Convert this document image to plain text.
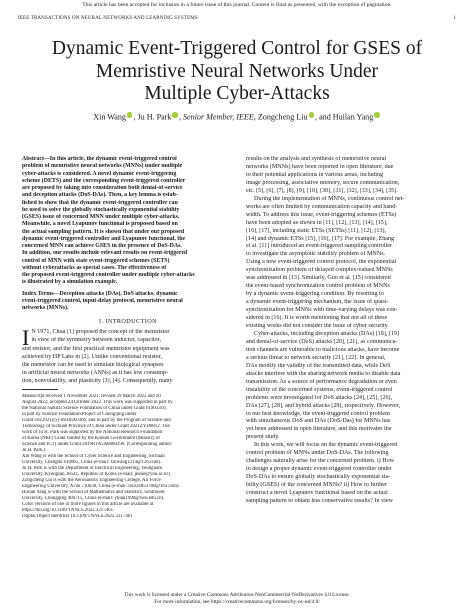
This article has been accepted for inclusion in a future issue of this journal. Content is final as presented, with the exception of pagination.
IEEE TRANSACTIONS ON NEURAL NETWORKS AND LEARNING SYSTEMS	1
Dynamic Event-Triggered Control for GSES of
Memristive Neural Networks Under
Multiple Cyber-Attacks
Xin Wang , Ju H. Park , Senior Member, IEEE, Zongcheng Liu , and Huilan Yang
Abstract—In this article, the dynamic event-triggered control
problem of memristive neural networks (MNNs) under multiple
cyber-attacks is considered. A novel dynamic event-triggering
scheme (DETS) and the corresponding event-triggered controller
are proposed by taking into consideration both denial-of-service
and deception attacks (DoS-DAs). Then, a key lemma is estab-
lished to show that the dynamic event-triggered controller can
be used to solve the globally stochastically exponential stability
(GSES) issue of concerned MNN under multiple cyber-attacks.
Meanwhile, a novel Lyapunov functional is proposed based on
the actual sampling pattern. It is shown that under our proposed
dynamic event-triggered controller and Lyapunov functional, the
concerned MNN can achieve GSES in the presence of DoS-DAs.
In addition, our results include relevant results on event-triggered
control of MNN with state event-triggered schemes (SETS)
without cyberattacks as special cases. The effectiveness of
the proposed event-triggered controller under multiple cyber-attacks
is illustrated by a simulation example.
Index Terms—Deception attacks (DAs), DoS attacks, dynamic
event-triggered control, input-delay protocol, memristive neural
networks (MNNs).
I. INTRODUCTION
I N 1971, Chua [1] proposed the concept of the memristor
in view of the symmetry between inductor, capacitor,
and resistor, and the first practical memristor equipment was
achieved by HP Labs in [2]. Unlike conventional resistor,
the memristor can be used to simulate biological synapses
in artificial neural networks (ANNs) as it has low consump-
tion, nonvolatility, and plasticity [3], [4]. Consequently, many
Manuscript received 1 November 2021; revised 29 March 2022 and 20
August 2022; accepted 24 October 2022. This work was supported in part by
the National Natural Science Foundation of China under Grant 61903310,
in part by Science Foundation Project of Chongqing under
Grant cstc2021jcyj-msxmX0366, and in part by the Program of Science and
Technology of Sichuan Province of China under Grant 2021ZYD0012. The
work of Ju H. Park was supported by the National Research Foundation
of Korea (NRF) Grant funded by the Korean Government (Ministry of
Science and ICT) under Grant 2019R1A5A8080290. (Corresponding author:
Ju H. Park.)
Xin Wang is with the School of Cyber Science and Engineering, Sichuan
University, Chengdu 610065, China (e-mail: xinwang1314@126.com).
Ju H. Park is with the Department of Electrical Engineering, Yeungnam
University, Kyongsan 38541, Republic of Korea (e-mail: jessie@ynu.ac.kr).
Zongcheng Liu is with the Aeronautics Engineering College, Air Force
Engineering University, Xi'an 710038, China (e-mail: liu434853780@163.com).
Huilan Yang is with the School of Mathematics and Statistics, Southwest
University, Chongqing 400715, China (e-mail: yhlan1990@swu.edu.cn).
Color versions of one or more figures in this article are available at
https://doi.org/10.1109/TNNLS.2022.3217461.
Digital Object Identifier 10.1109/TNNLS.2022.3217461
results on the analysis and synthesis of memristive neural
networks (MNNs) have been reported in open literature, due
to their potential applications in various areas, including
image processing, associative memory, secure communication,
etc. [5], [6], [7], [8], [9], [10], [30], [31], [32], [33], [34], [35].
During the implementation of MNNs, continuous control net-
works are often limited by communication capacity and band-
width. To address this issue, event-triggering schemes (ETSs)
have been adopted as shown in [11], [12], [13], [14], [15],
[16], [17], including static ETSs (SETSs) [11], [12], [13],
[14] and dynamic ETSs [15], [16], [17]. For example, Zhang
et al. [11] introduced an event-triggered sampling controller
to investigate the asymptotic stability problem of MNNs.
Using a new event-triggered control protocol, the exponential
synchronization problem of delayed complex-valued MNNs
was addressed in [13]. Similarly, Guo et al. [15] considered
the event-based synchronization control problem of MNNs
by a dynamic event-triggering condition. By resorting to
a dynamic event-triggering mechanism, the issue of quasi-
synchronization for MNNs with time-varying delays was con-
sidered in [16]. It is worth mentioning that not all of these
existing works did not consider the issue of cyber security.
Cyber-attacks, including deception attacks (DAs) [18], [19]
and denial-of-service (DoS) attacks [20], [21], as communica-
tion channels are vulnerable to malicious attacks, have become
a serious threat to network security [21], [22]. In general,
DAs modify the validity of the transmitted data, while DoS
attacks interfere with the sharing network media to disable data
transmission. As a source of performance degradation or even
instability of the concerned systems, event-triggered control
problems were investigated for DoS attacks [24], [25], [26],
DAs [27], [28], and hybrid attacks [29], respectively. However,
to our best knowledge, the event-triggered control problem
with simultaneous DoS and DAs (DoS-Das) for MNNs has
yet been addressed in open literature, and this motivates the
present study.
In this work, we will focus on the dynamic event-triggered
control problem of MNNs under DoS-DAs. The following
challenges naturally arise for the concerned problem. i) How
to design a proper dynamic event-triggered controller under
DoS-DAs to ensure globally stochastically exponential sta-
bility (GSES) of the concerned MNNs? ii) How to further
construct a novel Lyapunov functional based on the actual
sampling pattern to obtain less conservative results? In view
This work is licensed under a Creative Commons Attribution-NonCommercial-NoDerivatives 4.0 License.
For more information, see https://creativecommons.org/licenses/by-nc-nd/4.0/
